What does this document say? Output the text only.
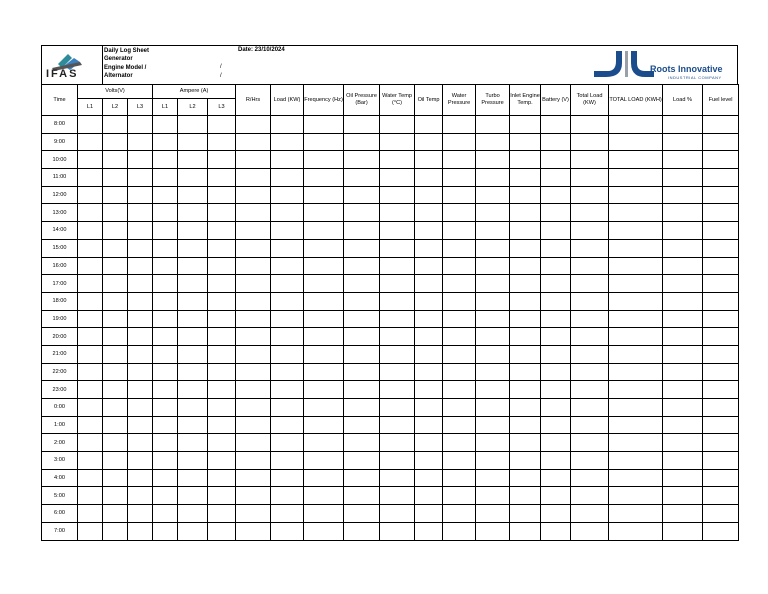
IFAS
Daily Log Sheet
Generator
Engine Model /
Alternator
Date: 23/10/2024
/
/
Roots Innovative
INDUSTRIAL COMPANY
Time	Volts(V)			Ampere (A)			R/Hrs	Load (KW)	Frequency (Hz)	Oil Pressure (Bar)	Water Temp (°C)	Oil Temp	Water Pressure	Turbo Pressure	Inlet Engine Temp.	Battery (V)	Total Load (KW)	TOTAL LOAD (KWH)	Load %	Fuel level
	L1	L2	L3	L1	L2	L3														
8:00																				
9:00																				
10:00																				
11:00																				
12:00																				
13:00																				
14:00																				
15:00																				
16:00																				
17:00																				
18:00																				
19:00																				
20:00																				
21:00																				
22:00																				
23:00																				
0:00																				
1:00																				
2:00																				
3:00																				
4:00																				
5:00																				
6:00																				
7:00																				
